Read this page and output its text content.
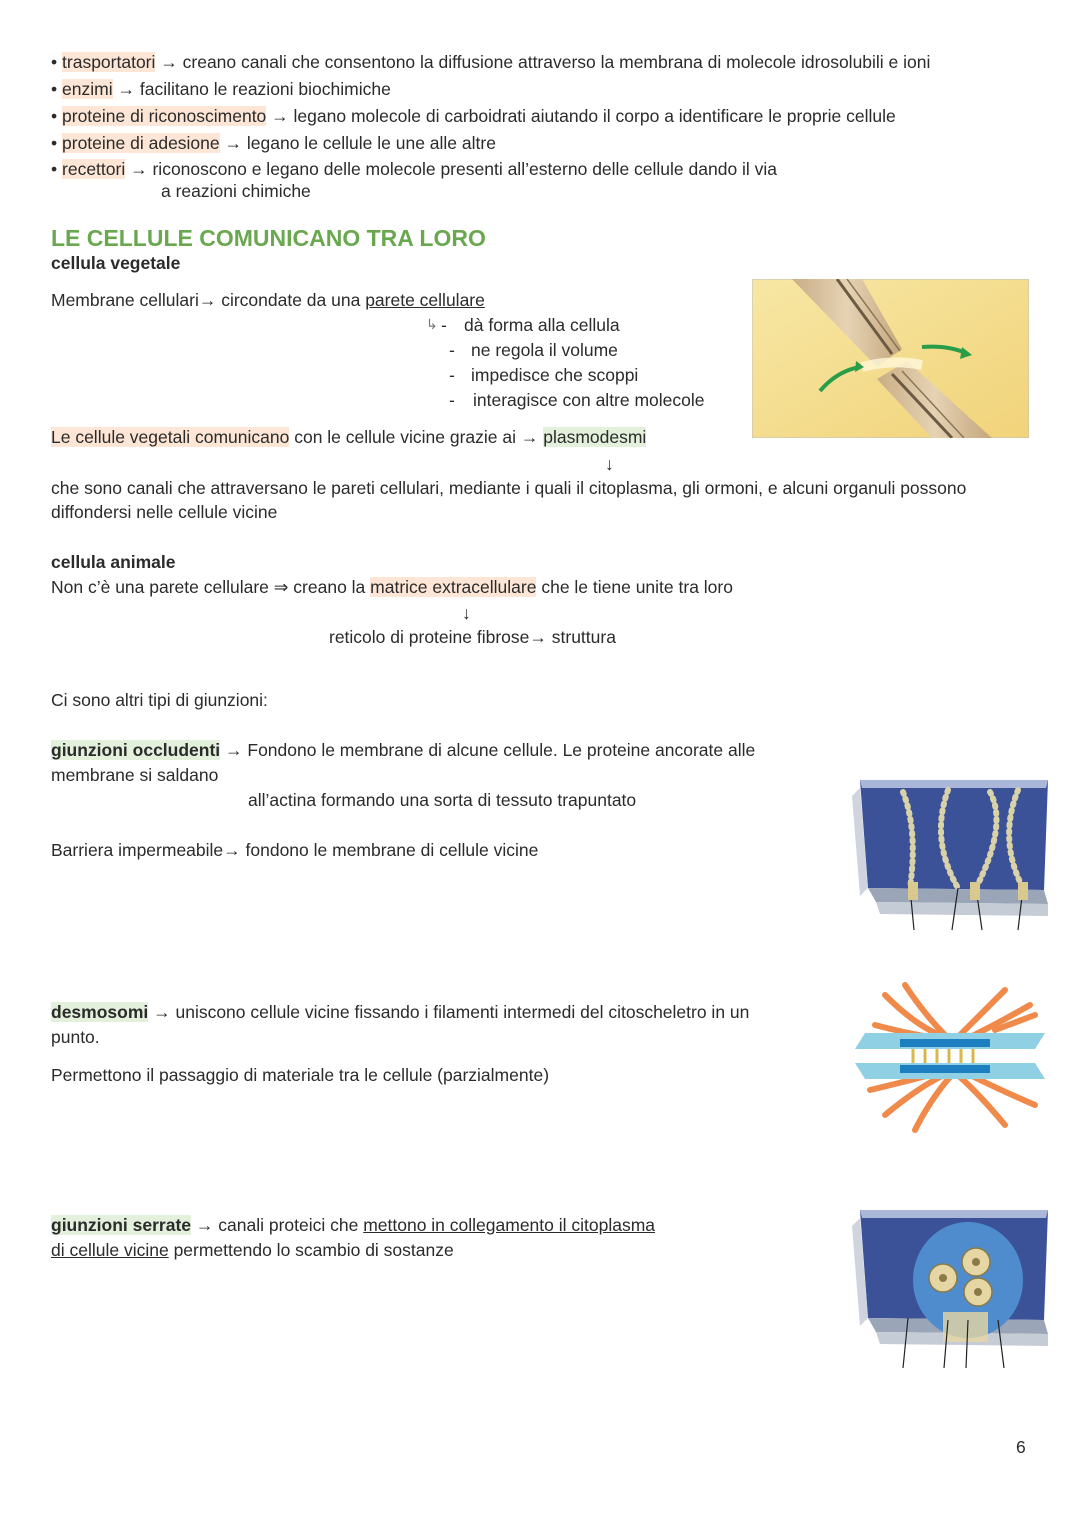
• trasportatori → creano canali che consentono la diffusione attraverso la membrana di molecole idrosolubili e ioni
• enzimi → facilitano le reazioni biochimiche
• proteine di riconoscimento → legano molecole di carboidrati aiutando il corpo a identificare le proprie cellule
• proteine di adesione → legano le cellule le une alle altre
• recettori → riconoscono e legano delle molecole presenti all’esterno delle cellule dando il via
a reazioni chimiche
LE CELLULE COMUNICANO TRA LORO
cellula vegetale
Membrane cellulari→ circondate da una parete cellulare
↳ - dà forma alla cellula
- ne regola il volume
- impedisce che scoppi
- interagisce con altre molecole
Le cellule vegetali comunicano con le cellule vicine grazie ai → plasmodesmi
↓
che sono canali che attraversano le pareti cellulari, mediante i quali il citoplasma, gli ormoni, e alcuni organuli possono
diffondersi nelle cellule vicine
cellula animale
Non c’è una parete cellulare ⇒ creano la matrice extracellulare che le tiene unite tra loro
↓
reticolo di proteine fibrose→ struttura
Ci sono altri tipi di giunzioni:
giunzioni occludenti → Fondono le membrane di alcune cellule. Le proteine ancorate alle
membrane si saldano
all’actina formando una sorta di tessuto trapuntato
Barriera impermeabile→ fondono le membrane di cellule vicine
desmosomi → uniscono cellule vicine fissando i filamenti intermedi del citoscheletro in un
punto.
Permettono il passaggio di materiale tra le cellule (parzialmente)
giunzioni serrate → canali proteici che mettono in collegamento il citoplasma
di cellule vicine permettendo lo scambio di sostanze
6
